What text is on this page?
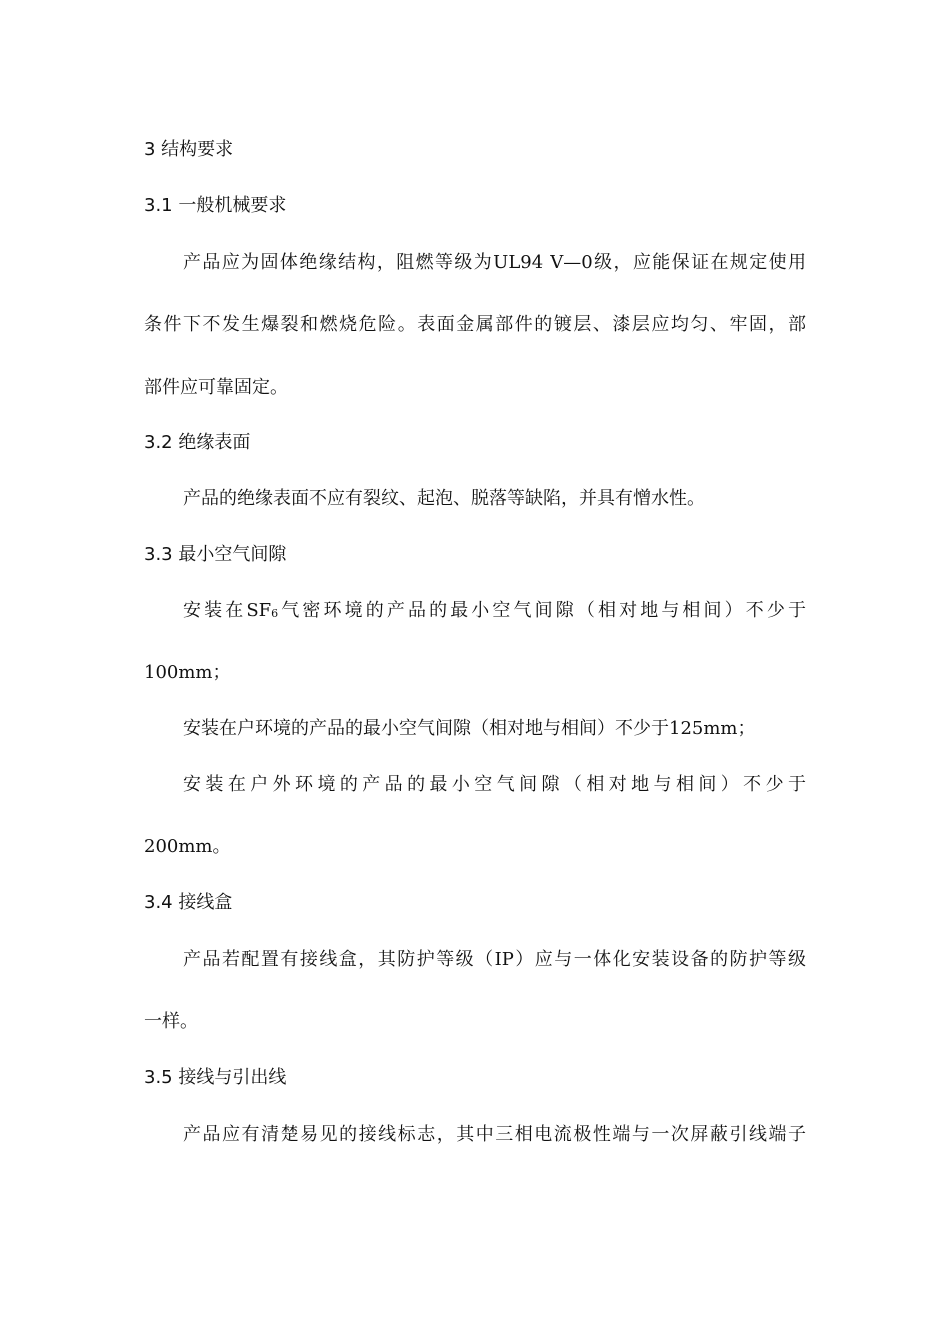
3 结构要求
3.1 一般机械要求
产品应为固体绝缘结构，阻燃等级为UL94 V—0级，应能保证在规定使用
条件下不发生爆裂和燃烧危险。表面金属部件的镀层、漆层应均匀、牢固，部
部件应可靠固定。
3.2 绝缘表面
产品的绝缘表面不应有裂纹、起泡、脱落等缺陷，并具有憎水性。
3.3 最小空气间隙
安装在SF6气密环境的产品的最小空气间隙（相对地与相间）不少于
100mm；
安装在户环境的产品的最小空气间隙（相对地与相间）不少于125mm；
安装在户外环境的产品的最小空气间隙（相对地与相间）不少于
200mm。
3.4 接线盒
产品若配置有接线盒，其防护等级（IP）应与一体化安装设备的防护等级
一样。
3.5 接线与引出线
产品应有清楚易见的接线标志，其中三相电流极性端与一次屏蔽引线端子
